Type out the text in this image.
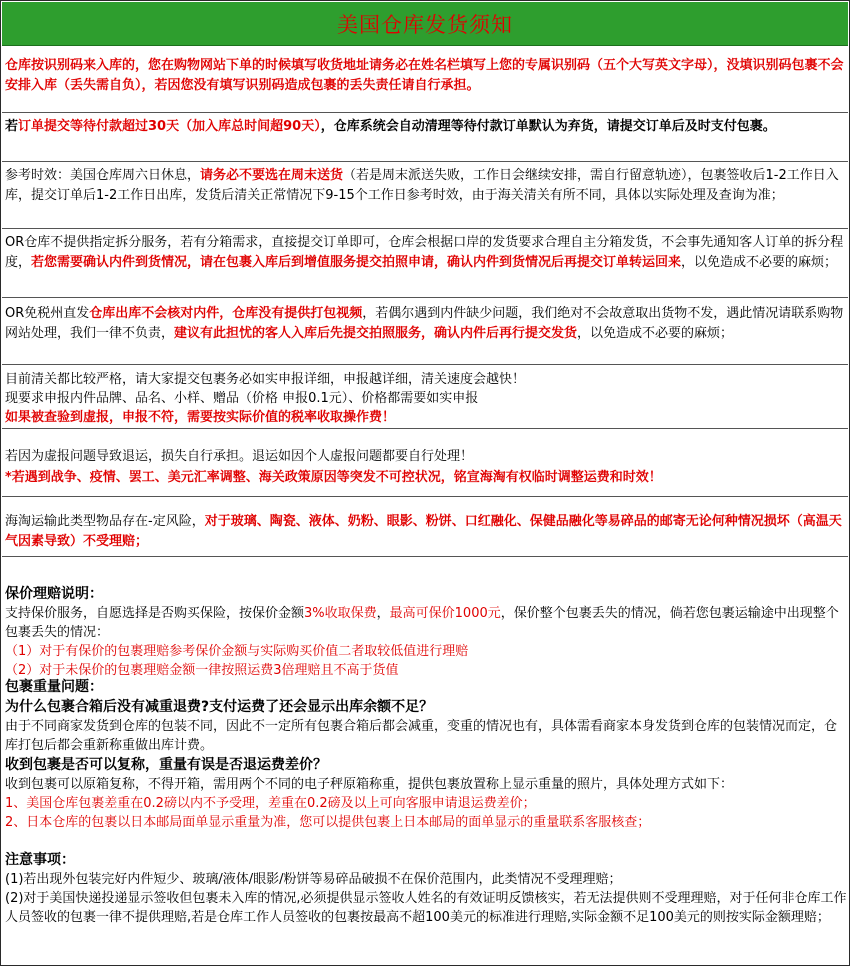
美国仓库发货须知
仓库按识别码来入库的，您在购物网站下单的时候填写收货地址请务必在姓名栏填写上您的专属识别码（五个大写英文字母），没填识别码包裹不会安排入库（丢失需自负），若因您没有填写识别码造成包裹的丢失责任请自行承担。
若订单提交等待付款超过30天（加入库总时间超90天），仓库系统会自动清理等待付款订单默认为弃货，请提交订单后及时支付包裹。
参考时效：美国仓库周六日休息，请务必不要选在周末送货（若是周末派送失败，工作日会继续安排，需自行留意轨迹），包裹签收后1-2工作日入库，提交订单后1-2工作日出库，发货后清关正常情况下9-15个工作日参考时效，由于海关清关有所不同，具体以实际处理及查询为准；
OR仓库不提供指定拆分服务，若有分箱需求，直接提交订单即可，仓库会根据口岸的发货要求合理自主分箱发货，不会事先通知客人订单的拆分程度，若您需要确认内件到货情况，请在包裹入库后到增值服务提交拍照申请，确认内件到货情况后再提交订单转运回来，以免造成不必要的麻烦；
OR免税州直发仓库出库不会核对内件，仓库没有提供打包视频，若偶尔遇到内件缺少问题，我们绝对不会故意取出货物不发，遇此情况请联系购物网站处理，我们一律不负责，建议有此担忧的客人入库后先提交拍照服务，确认内件后再行提交发货，以免造成不必要的麻烦；
目前清关都比较严格，请大家提交包裹务必如实申报详细，申报越详细，清关速度会越快！
现要求申报内件品牌、品名、小样、赠品（价格 申报0.1元）、价格都需要如实申报
如果被查验到虚报，申报不符，需要按实际价值的税率收取操作费！
若因为虚报问题导致退运，损失自行承担。退运如因个人虚报问题都要自行处理！
*若遇到战争、疫情、罢工、美元汇率调整、海关政策原因等突发不可控状况，铭宣海淘有权临时调整运费和时效！
海淘运输此类型物品存在-定风险，对于玻璃、陶瓷、液体、奶粉、眼影、粉饼、口红融化、保健品融化等易碎品的邮寄无论何种情况损坏（高温天气因素导致）不受理赔；
保价理赔说明：
支持保价服务，自愿选择是否购买保险，按保价金额3%收取保费，最高可保价1000元，保价整个包裹丢失的情况，倘若您包裹运输途中出现整个包裹丢失的情况：
（1）对于有保价的包裹理赔参考保价金额与实际购买价值二者取较低值进行理赔
（2）对于未保价的包裹理赔金额一律按照运费3倍理赔且不高于货值
包裹重量问题：
为什么包裹合箱后没有减重退费?支付运费了还会显示出库余额不足？
由于不同商家发货到仓库的包装不同，因此不一定所有包裹合箱后都会减重，变重的情况也有，具体需看商家本身发货到仓库的包装情况而定，仓库打包后都会重新称重做出库计费。
收到包裹是否可以复称，重量有误是否退运费差价？
收到包裹可以原箱复称，不得开箱，需用两个不同的电子秤原箱称重，提供包裹放置称上显示重量的照片，具体处理方式如下：
1、美国仓库包裹差重在0.2磅以内不予受理，差重在0.2磅及以上可向客服申请退运费差价；
2、日本仓库的包裹以日本邮局面单显示重量为准，您可以提供包裹上日本邮局的面单显示的重量联系客服核查；
注意事项：
(1)若出现外包装完好内件短少、玻璃/液体/眼影/粉饼等易碎品破损不在保价范围内，此类情况不受理理赔；
(2)对于美国快递投递显示签收但包裹未入库的情况,必须提供显示签收人姓名的有效证明反馈核实，若无法提供则不受理理赔，对于任何非仓库工作人员签收的包裹一律不提供理赔,若是仓库工作人员签收的包裹按最高不超100美元的标准进行理赔,实际金额不足100美元的则按实际金额理赔；
